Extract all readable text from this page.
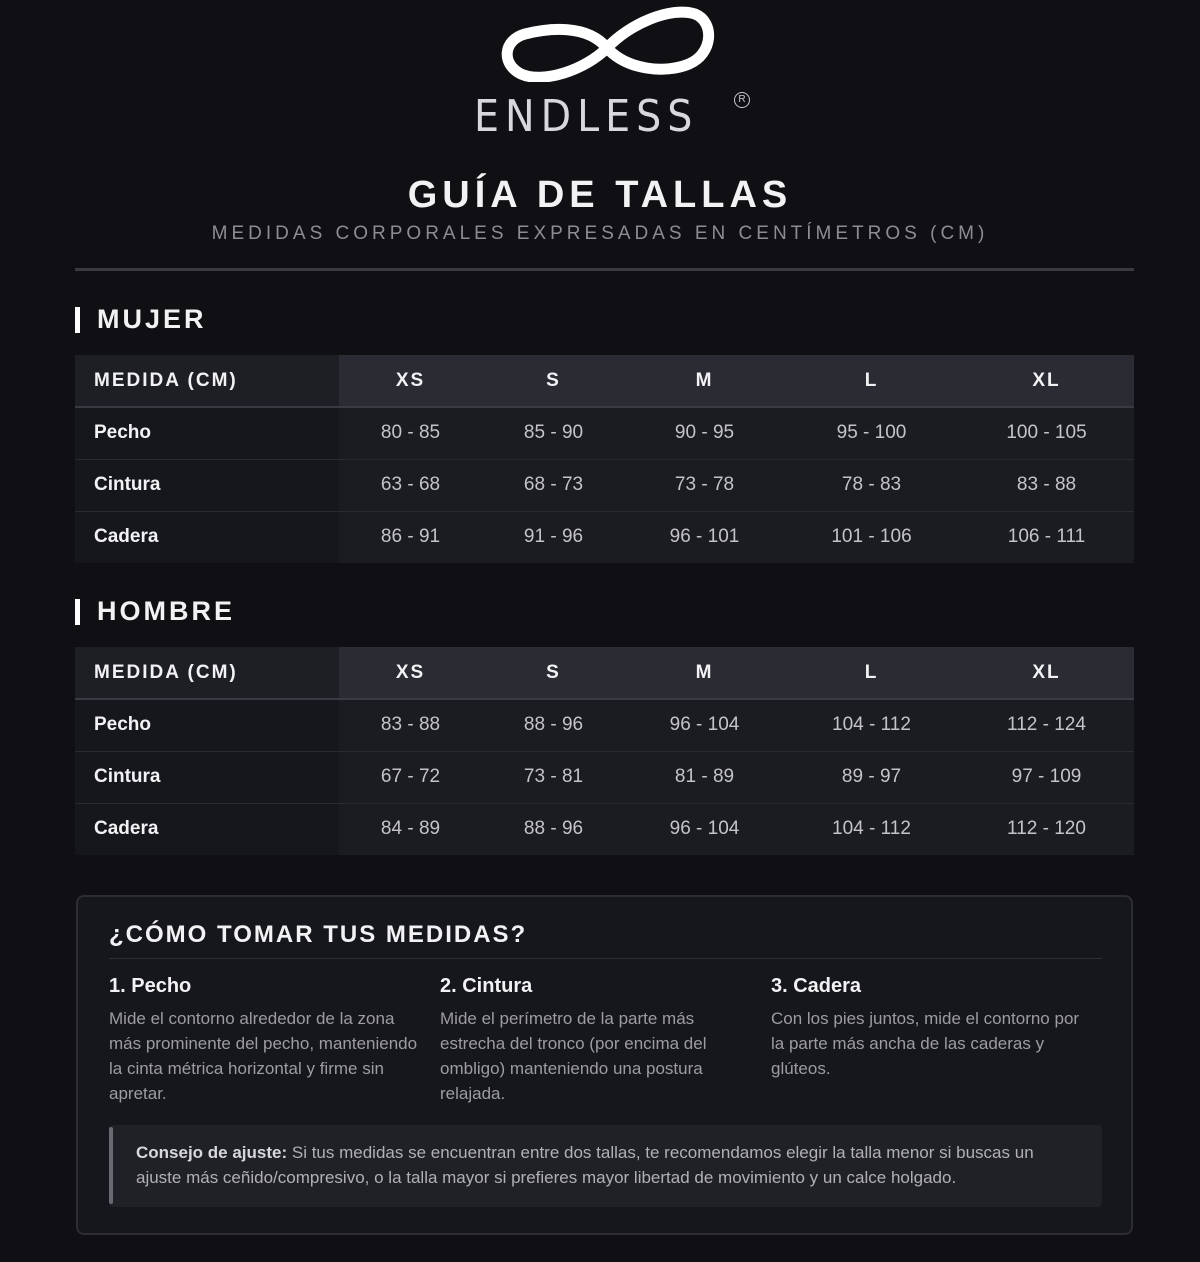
ENDLESS	R
GUÍA DE TALLAS
MEDIDAS CORPORALES EXPRESADAS EN CENTÍMETROS (CM)
MUJER
MEDIDA (CM)	XS	S	M	L	XL
Pecho	80 - 85	85 - 90	90 - 95	95 - 100	100 - 105
Cintura	63 - 68	68 - 73	73 - 78	78 - 83	83 - 88
Cadera	86 - 91	91 - 96	96 - 101	101 - 106	106 - 111
HOMBRE
MEDIDA (CM)	XS	S	M	L	XL
Pecho	83 - 88	88 - 96	96 - 104	104 - 112	112 - 124
Cintura	67 - 72	73 - 81	81 - 89	89 - 97	97 - 109
Cadera	84 - 89	88 - 96	96 - 104	104 - 112	112 - 120
¿CÓMO TOMAR TUS MEDIDAS?
1. Pecho

Mide el contorno alrededor de la zona más prominente del pecho, manteniendo la cinta métrica horizontal y firme sin apretar.

2. Cintura

Mide el perímetro de la parte más estrecha del tronco (por encima del ombligo) manteniendo una postura relajada.

3. Cadera

Con los pies juntos, mide el contorno por la parte más ancha de las caderas y glúteos.

Consejo de ajuste: Si tus medidas se encuentran entre dos tallas, te recomendamos elegir la talla menor si buscas un ajuste más ceñido/compresivo, o la talla mayor si prefieres mayor libertad de movimiento y un calce holgado.
